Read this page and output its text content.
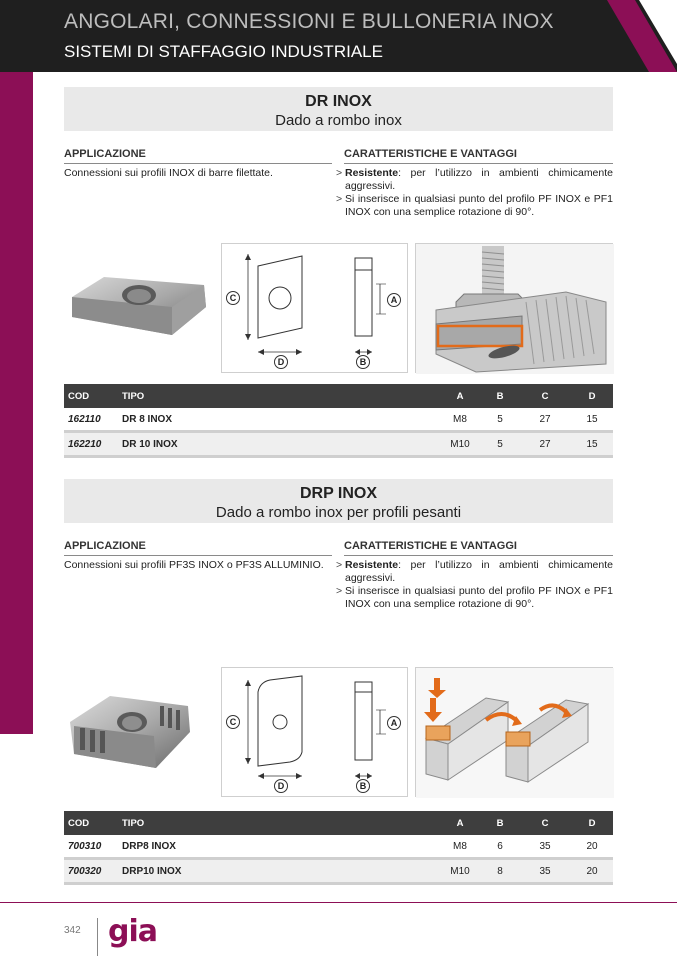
ANGOLARI, CONNESSIONI E BULLONERIA INOX
SISTEMI DI STAFFAGGIO INDUSTRIALE
DR INOX
Dado a rombo inox
APPLICAZIONE
Connessioni sui profili INOX di barre filettate.
CARATTERISTICHE E VANTAGGI
> Resistente: per l’utilizzo in ambienti chimicamente aggressivi.
> Si inserisce in qualsiasi punto del profilo PF INOX e PF1 INOX con una semplice rotazione di 90°.
C	A
D	B
COD	TIPO	A	B	C	D
162110 DR 8 INOX	M8	5	27	15
162210 DR 10 INOX	M10	5	27	15
DRP INOX
Dado a rombo inox per profili pesanti
APPLICAZIONE
Connessioni sui profili PF3S INOX o PF3S ALLUMINIO.
CARATTERISTICHE E VANTAGGI
> Resistente: per l’utilizzo in ambienti chimicamente aggressivi.
> Si inserisce in qualsiasi punto del profilo PF INOX e PF1 INOX con una semplice rotazione di 90°.
C	A
D	B
COD	TIPO	A	B	C	D
700310 DRP8 INOX	M8	6	35	20
700320 DRP10 INOX	M10	8	35	20
342 gia
